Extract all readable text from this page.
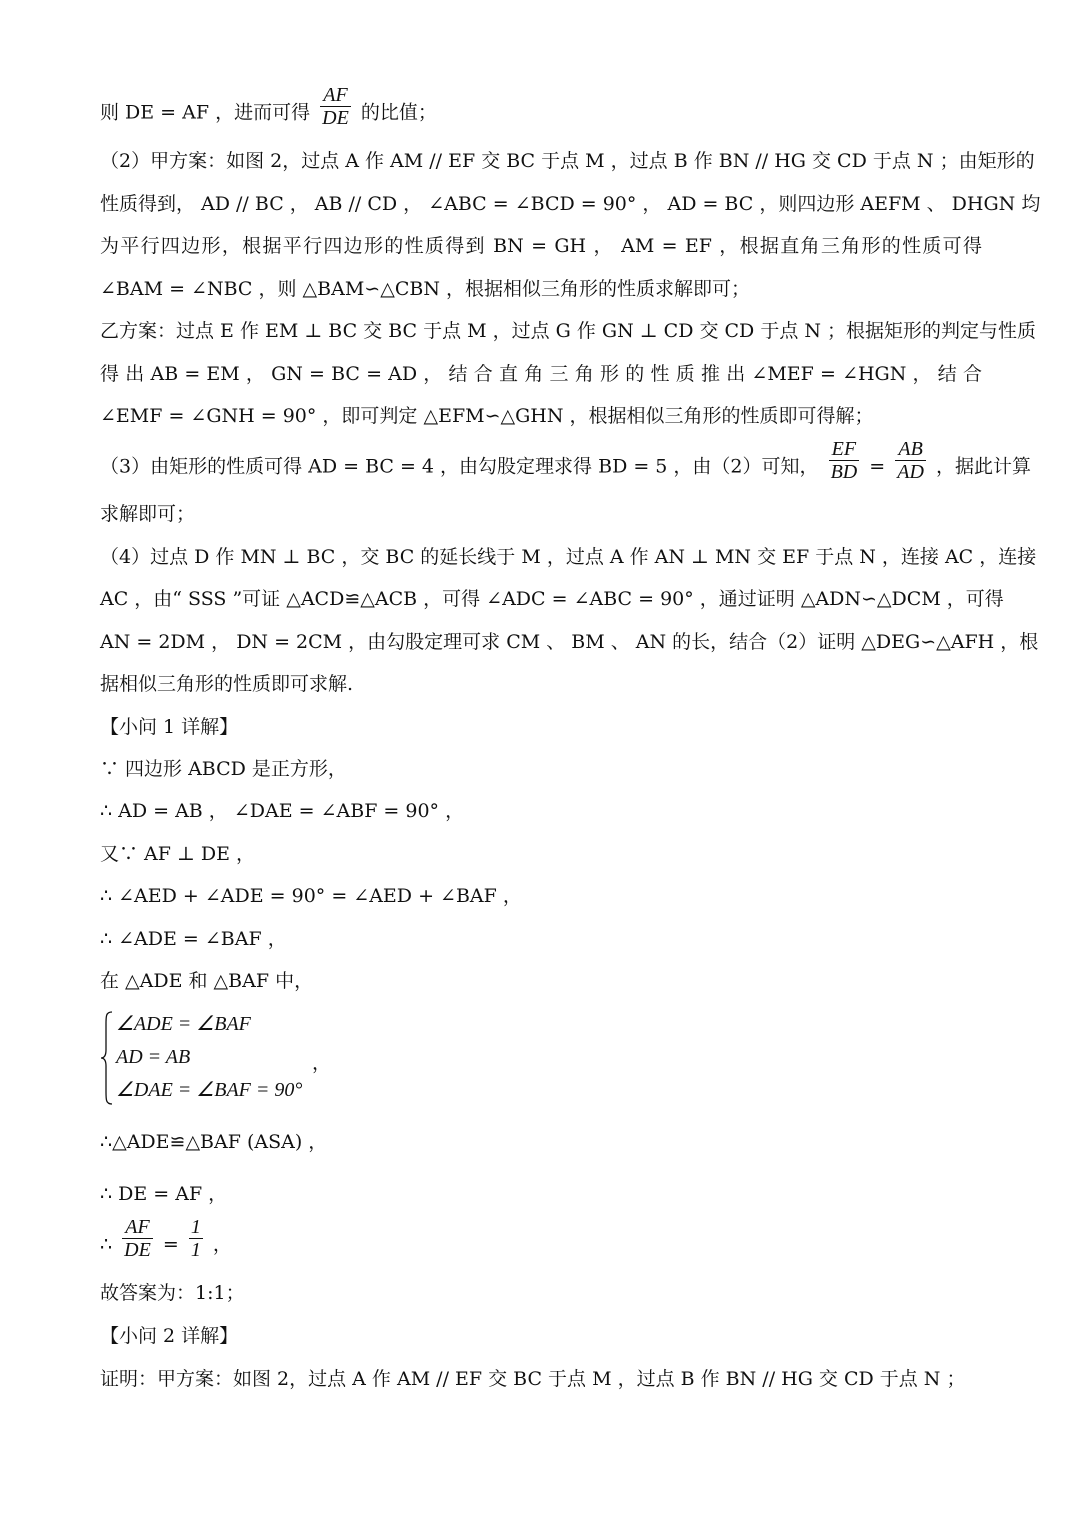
则 DE = AF ，进而可得 $\frac{AF}{DE}$ 的比值；
（2）甲方案：如图 2，过点 A 作 AM // EF 交 BC 于点 M ，过点 B 作 BN // HG 交 CD 于点 N ；由矩形的
性质得到， AD // BC ， AB // CD ， ∠ABC = ∠BCD = 90° ， AD = BC ，则四边形 AEFM 、 DHGN 均
为平行四边形，根据平行四边形的性质得到 BN = GH ， AM = EF ，根据直角三角形的性质可得
∠BAM = ∠NBC ，则 △BAM∽△CBN ，根据相似三角形的性质求解即可；
乙方案：过点 E 作 EM ⊥ BC 交 BC 于点 M ，过点 G 作 GN ⊥ CD 交 CD 于点 N ；根据矩形的判定与性质
得 出 AB = EM ， GN = BC = AD ， 结 合 直 角 三 角 形 的 性 质 推 出 ∠MEF = ∠HGN ， 结 合
∠EMF = ∠GNH = 90° ，即可判定 △EFM∽△GHN ，根据相似三角形的性质即可得解；
（3）由矩形的性质可得 AD = BC = 4 ，由勾股定理求得 BD = 5 ，由（2）可知， $\frac{EF}{BD} = \frac{AB}{AD}$ ，据此计算
求解即可；
（4）过点 D 作 MN ⊥ BC ，交 BC 的延长线于 M ，过点 A 作 AN ⊥ MN 交 EF 于点 N ，连接 AC ，连接
AC ，由“ SSS ”可证 △ACD≌△ACB ，可得 ∠ADC = ∠ABC = 90° ，通过证明 △ADN∽△DCM ，可得
AN = 2DM ， DN = 2CM ，由勾股定理可求 CM 、 BM 、 AN 的长，结合（2）证明 △DEG∽△AFH ，根
据相似三角形的性质即可求解.
【小问 1 详解】
∵ 四边形 ABCD 是正方形，
∴ AD = AB ， ∠DAE = ∠ABF = 90° ，
又∵ AF ⊥ DE ，
∴ ∠AED + ∠ADE = 90° = ∠AED + ∠BAF ，
∴ ∠ADE = ∠BAF ，
在 △ADE 和 △BAF 中，
∠ADE = ∠BAF
AD = AB
∠DAE = ∠BAF = 90°
，
∴△ADE≌△BAF (ASA) ，
∴ DE = AF ，
∴ $\frac{AF}{DE} = \frac{1}{1}$ ，
故答案为：1:1；
【小问 2 详解】
证明：甲方案：如图 2，过点 A 作 AM // EF 交 BC 于点 M ，过点 B 作 BN // HG 交 CD 于点 N ；
